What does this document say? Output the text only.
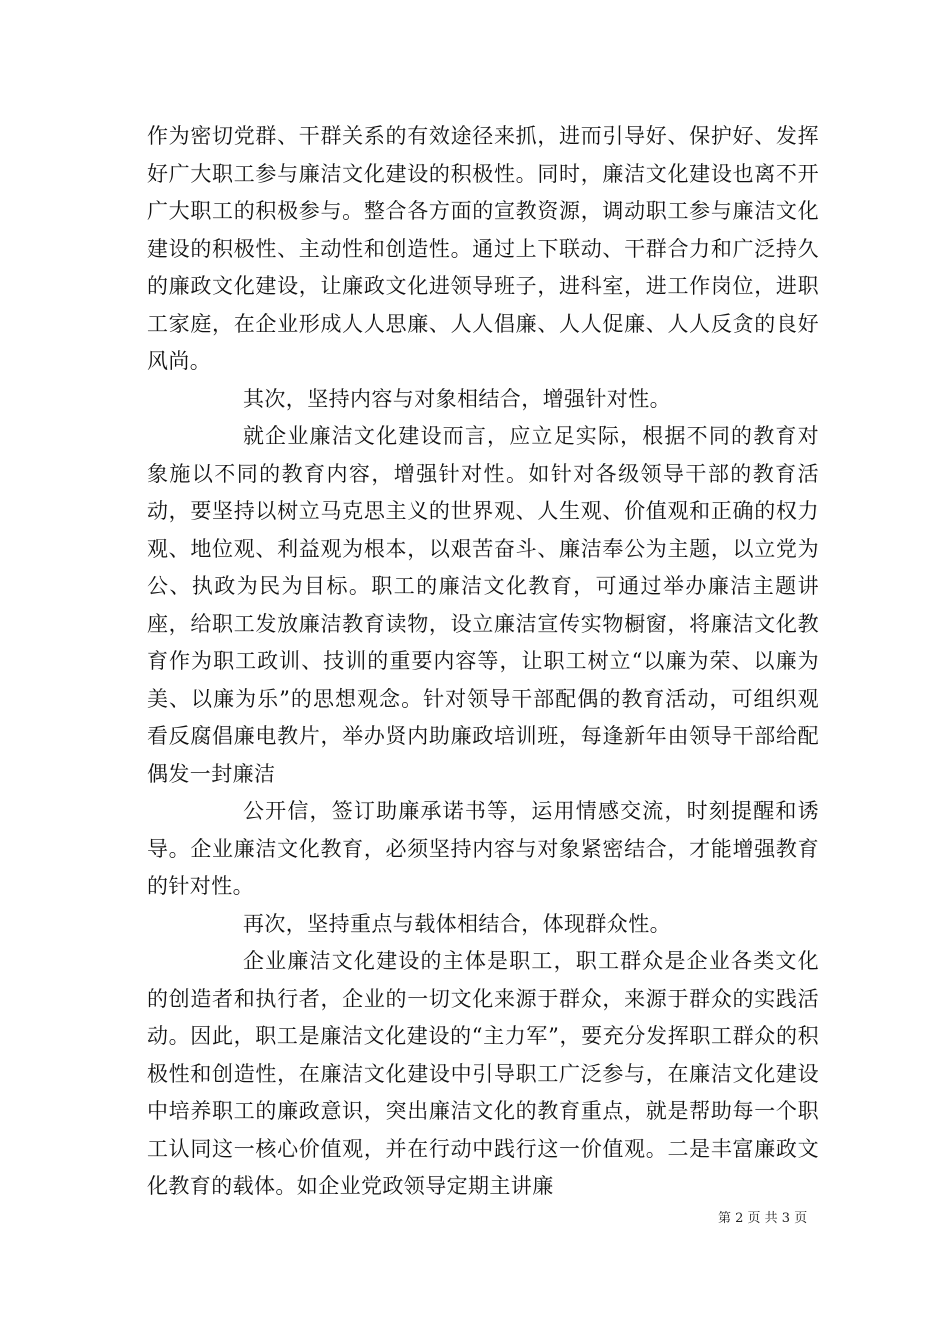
作为密切党群、干群关系的有效途径来抓，进而引导好、保护好、发挥好广大职工参与廉洁文化建设的积极性。同时，廉洁文化建设也离不开广大职工的积极参与。整合各方面的宣教资源，调动职工参与廉洁文化建设的积极性、主动性和创造性。通过上下联动、干群合力和广泛持久的廉政文化建设，让廉政文化进领导班子，进科室，进工作岗位，进职工家庭，在企业形成人人思廉、人人倡廉、人人促廉、人人反贪的良好风尚。

其次，坚持内容与对象相结合，增强针对性。

就企业廉洁文化建设而言，应立足实际，根据不同的教育对象施以不同的教育内容，增强针对性。如针对各级领导干部的教育活动，要坚持以树立马克思主义的世界观、人生观、价值观和正确的权力观、地位观、利益观为根本，以艰苦奋斗、廉洁奉公为主题，以立党为公、执政为民为目标。职工的廉洁文化教育，可通过举办廉洁主题讲座，给职工发放廉洁教育读物，设立廉洁宣传实物橱窗，将廉洁文化教育作为职工政训、技训的重要内容等，让职工树立“以廉为荣、以廉为美、以廉为乐”的思想观念。针对领导干部配偶的教育活动，可组织观看反腐倡廉电教片，举办贤内助廉政培训班，每逢新年由领导干部给配偶发一封廉洁

公开信，签订助廉承诺书等，运用情感交流，时刻提醒和诱导。企业廉洁文化教育，必须坚持内容与对象紧密结合，才能增强教育的针对性。

再次，坚持重点与载体相结合，体现群众性。

企业廉洁文化建设的主体是职工，职工群众是企业各类文化的创造者和执行者，企业的一切文化来源于群众，来源于群众的实践活动。因此，职工是廉洁文化建设的“主力军”，要充分发挥职工群众的积极性和创造性，在廉洁文化建设中引导职工广泛参与，在廉洁文化建设中培养职工的廉政意识，突出廉洁文化的教育重点，就是帮助每一个职工认同这一核心价值观，并在行动中践行这一价值观。二是丰富廉政文化教育的载体。如企业党政领导定期主讲廉

第 2 页 共 3 页
